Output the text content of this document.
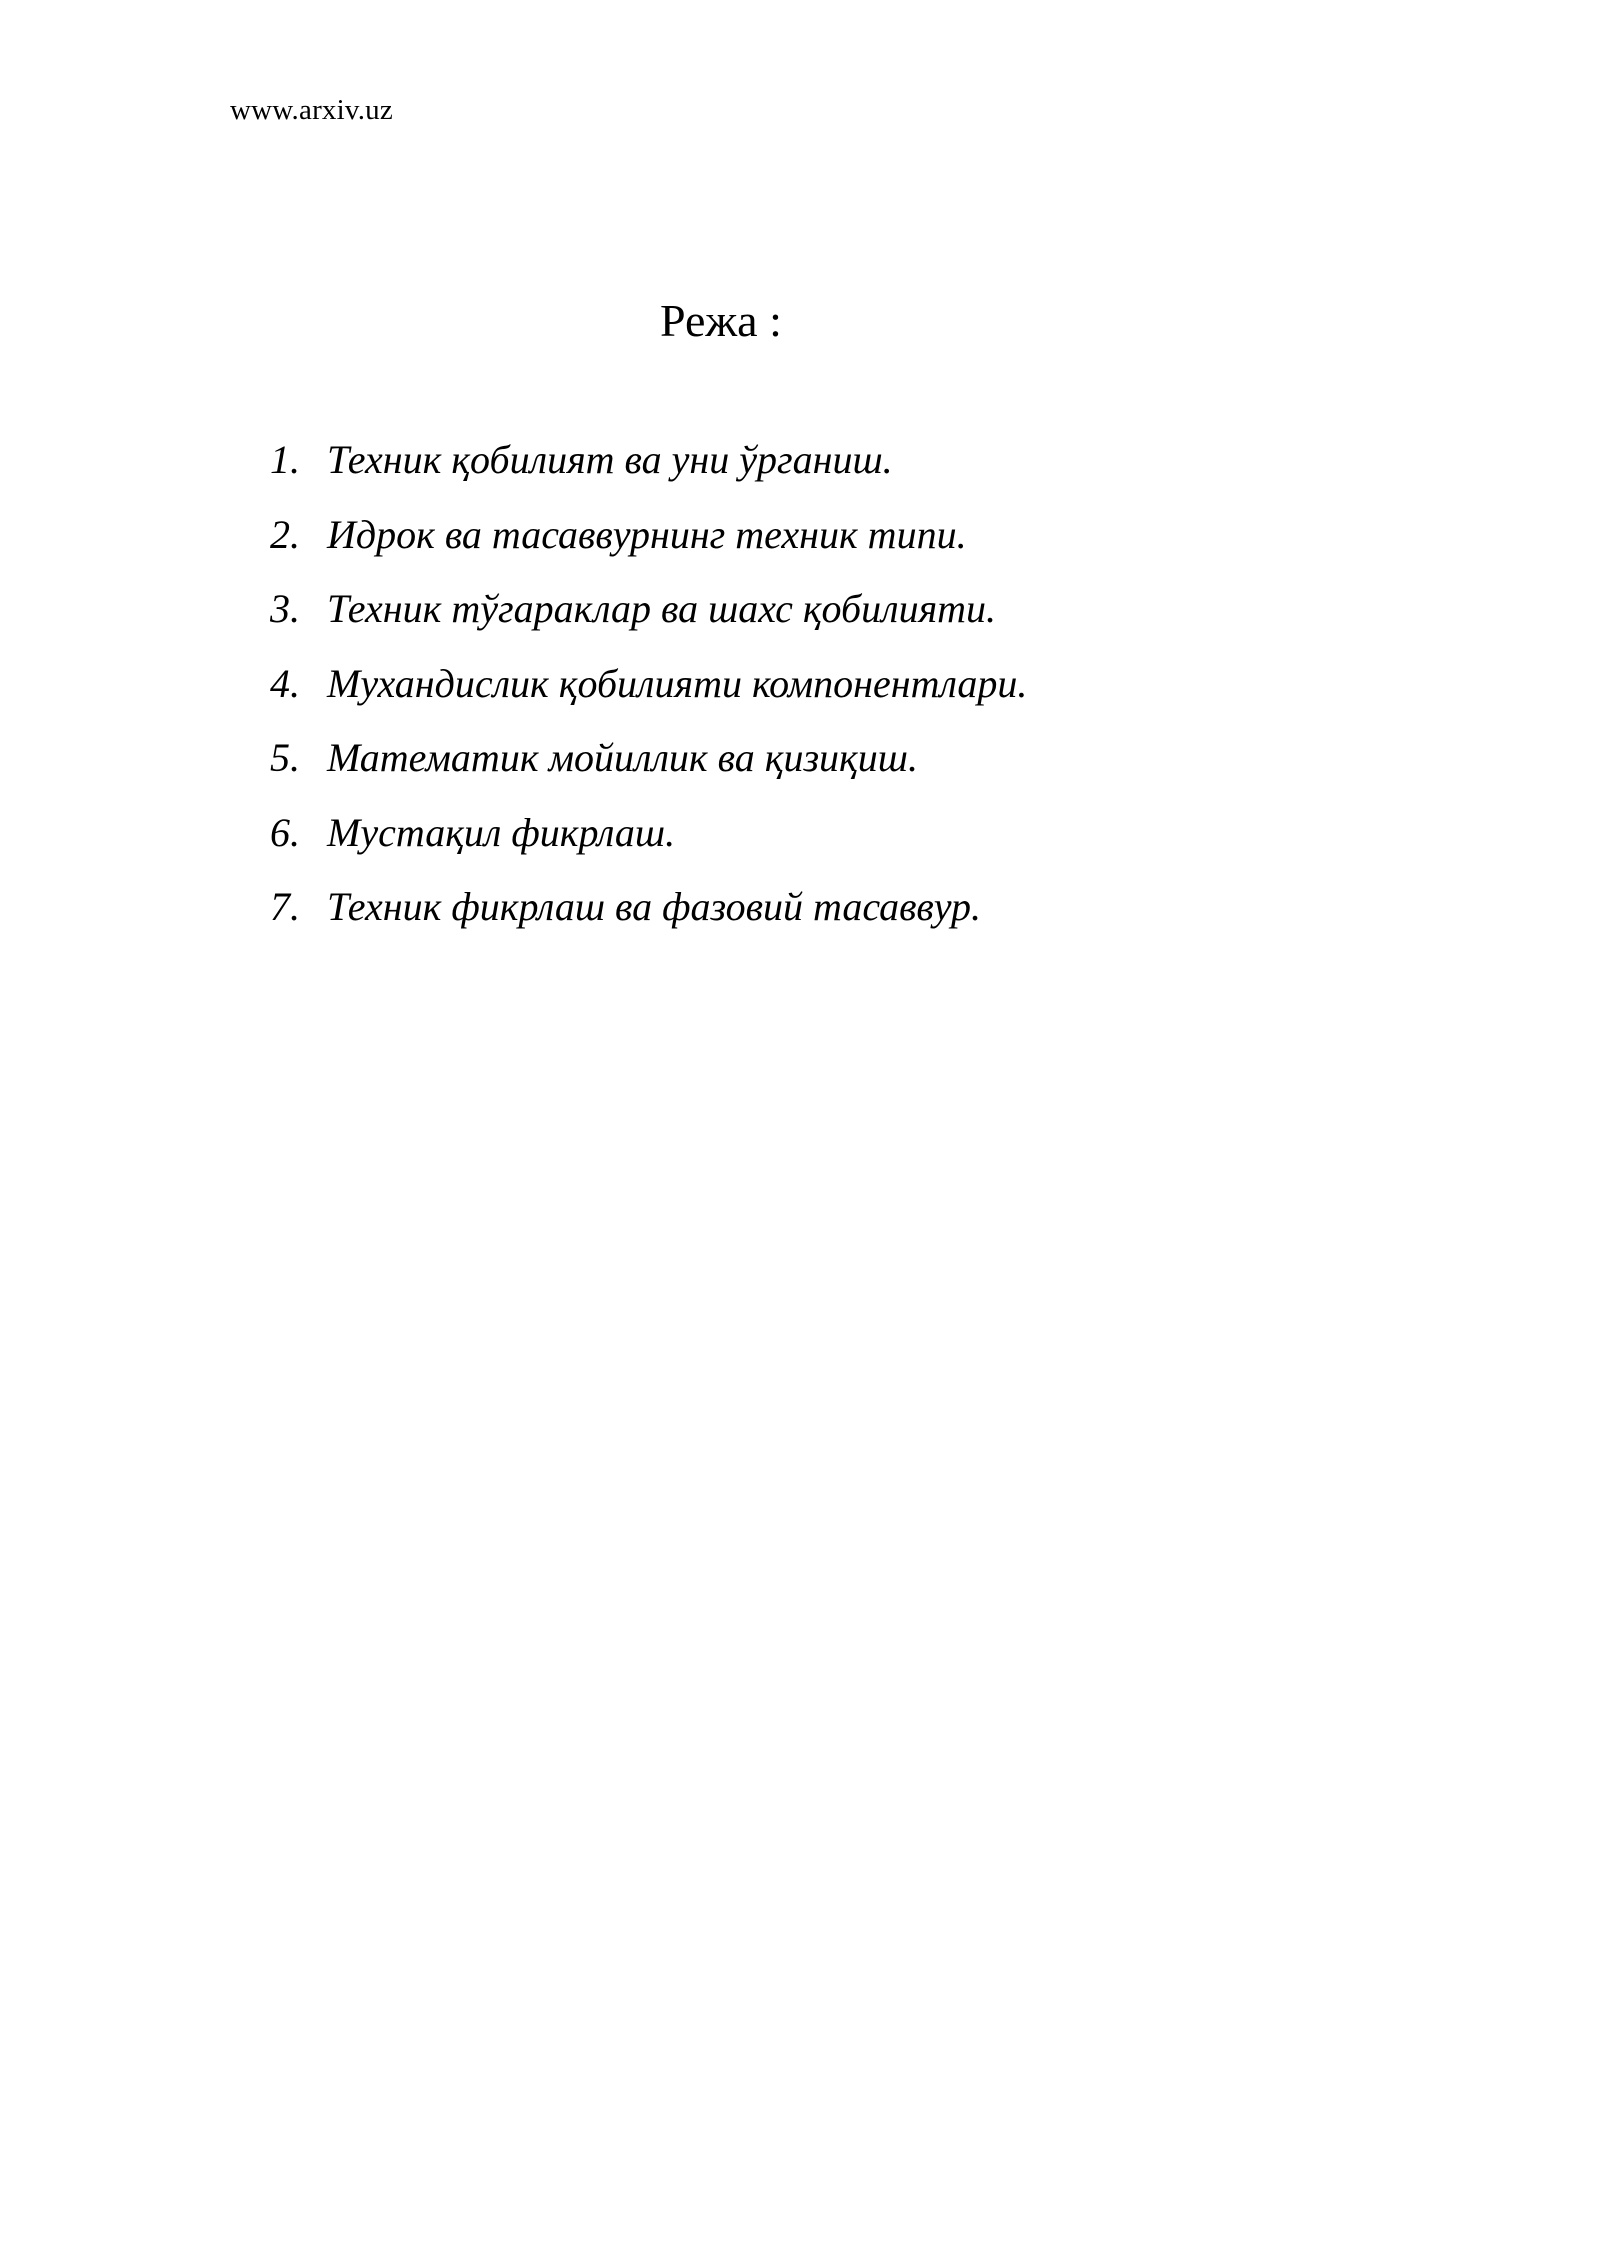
www.arxiv.uz
Режа :
1. Техник қобилият ва уни ўрганиш.
2. Идрок ва тасаввурнинг техник типи.
3. Техник тўгараклар ва шахс қобилияти.
4. Мухандислик қобилияти компонентлари.
5. Математик мойиллик ва қизиқиш.
6. Мустақил фикрлаш.
7. Техник фикрлаш ва фазовий тасаввур.
